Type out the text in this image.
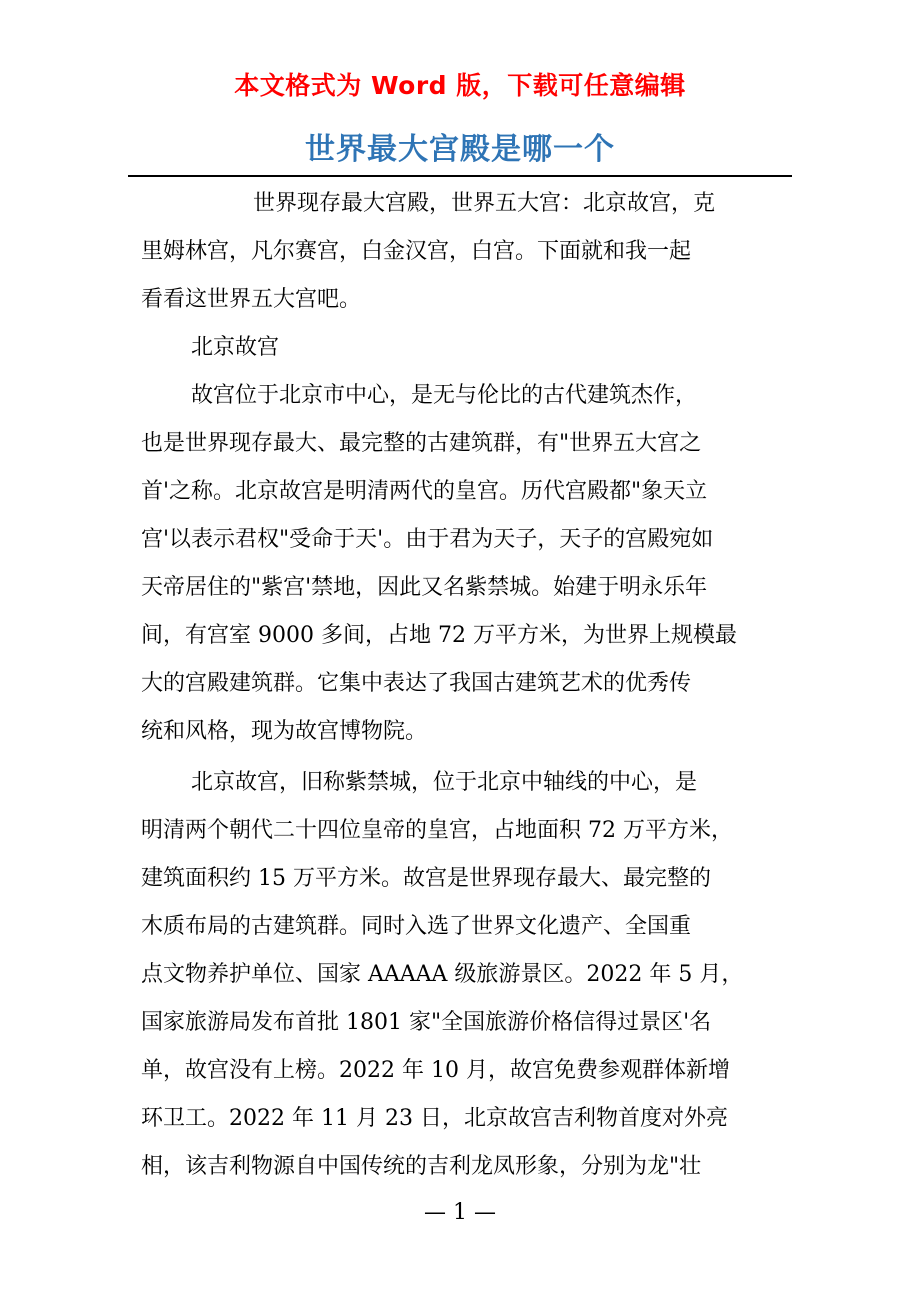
本文格式为 Word 版，下载可任意编辑
世界最大宫殿是哪一个
世界现存最大宫殿，世界五大宫：北京故宫，克
里姆林宫，凡尔赛宫，白金汉宫，白宫。下面就和我一起
看看这世界五大宫吧。
北京故宫
故宫位于北京市中心，是无与伦比的古代建筑杰作，
也是世界现存最大、最完整的古建筑群，有"世界五大宫之
首'之称。北京故宫是明清两代的皇宫。历代宫殿都"象天立
宫'以表示君权"受命于天'。由于君为天子，天子的宫殿宛如
天帝居住的"紫宫'禁地，因此又名紫禁城。始建于明永乐年
间，有宫室 9000 多间，占地 72 万平方米，为世界上规模最
大的宫殿建筑群。它集中表达了我国古建筑艺术的优秀传
统和风格，现为故宫博物院。
北京故宫，旧称紫禁城，位于北京中轴线的中心，是
明清两个朝代二十四位皇帝的皇宫，占地面积 72 万平方米，
建筑面积约 15 万平方米。故宫是世界现存最大、最完整的
木质布局的古建筑群。同时入选了世界文化遗产、全国重
点文物养护单位、国家 AAAAA 级旅游景区。2022 年 5 月，
国家旅游局发布首批 1801 家"全国旅游价格信得过景区'名
单，故宫没有上榜。2022 年 10 月，故宫免费参观群体新增
环卫工。2022 年 11 月 23 日，北京故宫吉利物首度对外亮
相，该吉利物源自中国传统的吉利龙凤形象，分别为龙"壮
— 1 —
